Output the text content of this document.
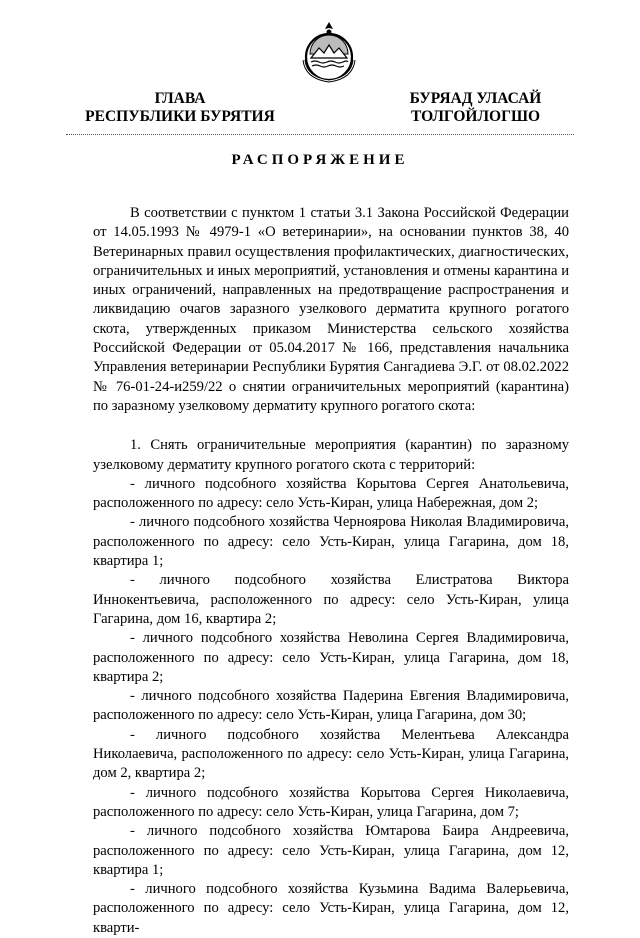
ГЛАВА
РЕСПУБЛИКИ БУРЯТИЯ
БУРЯАД УЛАСАЙ
ТОЛГОЙЛОГШО
РАСПОРЯЖЕНИЕ

В соответствии с пунктом 1 статьи 3.1 Закона Российской Федерации от 14.05.1993 № 4979-1 «О ветеринарии», на основании пунктов 38, 40 Ветеринарных правил осуществления профилактических, диагностических, ограничительных и иных мероприятий, установления и отмены карантина и иных ограничений, направленных на предотвращение распространения и ликвидацию очагов заразного узелкового дерматита крупного рогатого скота, утвержденных приказом Министерства сельского хозяйства Российской Федерации от 05.04.2017 № 166, представления начальника Управления ветеринарии Республики Бурятия Сангадиева Э.Г. от 08.02.2022 № 76-01-24-и259/22 о снятии ограничительных мероприятий (карантина) по заразному узелковому дерматиту крупного рогатого скота:

1. Снять ограничительные мероприятия (карантин) по заразному узелковому дерматиту крупного рогатого скота с территорий:

- личного подсобного хозяйства Корытова Сергея Анатольевича, расположенного по адресу: село Усть-Киран, улица Набережная, дом 2;

- личного подсобного хозяйства Черноярова Николая Владимировича, расположенного по адресу: село Усть-Киран, улица Гагарина, дом 18, квартира 1;

- личного подсобного хозяйства Елистратова Виктора Иннокентьевича, расположенного по адресу: село Усть-Киран, улица Гагарина, дом 16, квартира 2;

- личного подсобного хозяйства Неволина Сергея Владимировича, расположенного по адресу: село Усть-Киран, улица Гагарина, дом 18, квартира 2;

- личного подсобного хозяйства Падерина Евгения Владимировича, расположенного по адресу: село Усть-Киран, улица Гагарина, дом 30;

- личного подсобного хозяйства Мелентьева Александра Николаевича, расположенного по адресу: село Усть-Киран, улица Гагарина, дом 2, квартира 2;

- личного подсобного хозяйства Корытова Сергея Николаевича, расположенного по адресу: село Усть-Киран, улица Гагарина, дом 7;

- личного подсобного хозяйства Юмтарова Баира Андреевича, расположенного по адресу: село Усть-Киран, улица Гагарина, дом 12, квартира 1;

- личного подсобного хозяйства Кузьмина Вадима Валерьевича, расположенного по адресу: село Усть-Киран, улица Гагарина, дом 12, кварти-
